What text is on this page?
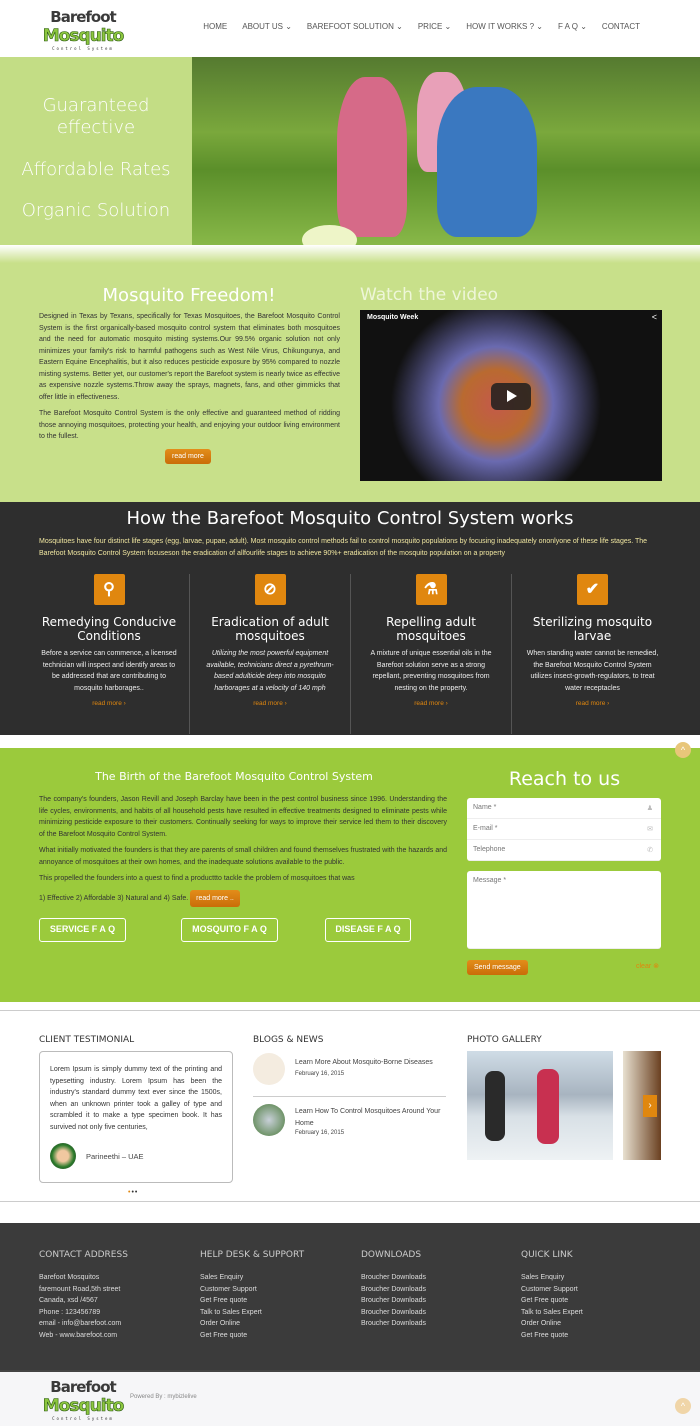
Barefoot
Mosquito
Control System
HOME ABOUT US ⌄ BAREFOOT SOLUTION ⌄ PRICE ⌄ HOW IT WORKS ? ⌄ F A Q ⌄ CONTACT
Guaranteed effective
Affordable Rates
Organic Solution
Mosquito Freedom!

Designed in Texas by Texans, specifically for Texas Mosquitoes, the Barefoot Mosquito Control System is the first organically-based mosquito control system that eliminates both mosquitoes and the need for automatic mosquito misting systems.Our 99.5% organic solution not only minimizes your family's risk to harmful pathogens such as West Nile Virus, Chikungunya, and Eastern Equine Encephalitis, but it also reduces pesticide exposure by 95% compared to nozzle misting systems. Better yet, our customer's report the Barefoot system is nearly twice as effective as expensive nozzle systems.Throw away the sprays, magnets, fans, and other gimmicks that offer little in effectiveness.

The Barefoot Mosquito Control System is the only effective and guaranteed method of ridding those annoying mosquitoes, protecting your health, and enjoying your outdoor living environment to the fullest.

read more
Watch the video
Mosquito Week	<
How the Barefoot Mosquito Control System works
Mosquitoes have four distinct life stages (egg, larvae, pupae, adult). Most mosquito control methods fail to control mosquito populations by focusing inadequately ononlyone of these life stages. The Barefoot Mosquito Control System focuseson the eradication of allfourlife stages to achieve 90%+ eradication of the mosquito population on a property
⚲
Remedying Conducive Conditions

Before a service can commence, a licensed technician will inspect and identify areas to be addressed that are contributing to mosquito harborages..

read more ›
⊘
Eradication of adult mosquitoes

Utilizing the most powerful equipment available, technicians direct a pyrethrum-based adulticide deep into mosquito harborages at a velocity of 140 mph

read more ›
⚗
Repelling adult mosquitoes

A mixture of unique essential oils in the Barefoot solution serve as a strong repellant, preventing mosquitoes from nesting on the property.

read more ›
✔
Sterilizing mosquito larvae

When standing water cannot be remedied, the Barefoot Mosquito Control System utilizes insect-growth-regulators, to treat water receptacles

read more ›
The Birth of the Barefoot Mosquito Control System

The company's founders, Jason Revill and Joseph Barclay have been in the pest control business since 1996. Understanding the life cycles, environments, and habits of all household pests have resulted in effective treatments designed to eliminate pests while minimizing pesticide exposure to their customers. Continually seeking for ways to improve their service led them to their discovery of the Barefoot Mosquito Control System.

What initially motivated the founders is that they are parents of small children and found themselves frustrated with the hazards and annoyance of mosquitoes at their own homes, and the inadequate solutions available to the public.

This propelled the founders into a quest to find a producttto tackle the problem of mosquitoes that was

1) Effective 2) Affordable 3) Natural and 4) Safe. read more ..

SERVICE F A Q	MOSQUITO F A Q	DISEASE F A Q
Reach to us
Name *	♟
E-mail *	✉
Telephone	✆
Message *
Send message	clear ⊗
^
CLIENT TESTIMONIAL

Lorem Ipsum is simply dummy text of the printing and typesetting industry. Lorem Ipsum has been the industry's standard dummy text ever since the 1500s, when an unknown printer took a galley of type and scrambled it to make a type specimen book. It has survived not only five centuries,

Parineethi – UAE
•••
BLOGS & NEWS
Learn More About Mosquito-Borne Diseases
February 16, 2015
Learn How To Control Mosquitoes Around Your Home
February 16, 2015
PHOTO GALLERY
›
CONTACT ADDRESS
Barefoot Mosquitos
faremount Road,5th street
Canada, xsd /4567
Phone : 123456789
email - info@barefoot.com
Web - www.barefoot.com
HELP DESK & SUPPORT
Sales Enquiry
Customer Support
Get Free quote
Talk to Sales Expert
Order Online
Get Free quote
DOWNLOADS
Broucher Downloads
Broucher Downloads
Broucher Downloads
Broucher Downloads
Broucher Downloads
QUICK LINK
Sales Enquiry
Customer Support
Get Free quote
Talk to Sales Expert
Order Online
Get Free quote
Barefoot
Mosquito
Control System
Powered By : mybizlelive
^
